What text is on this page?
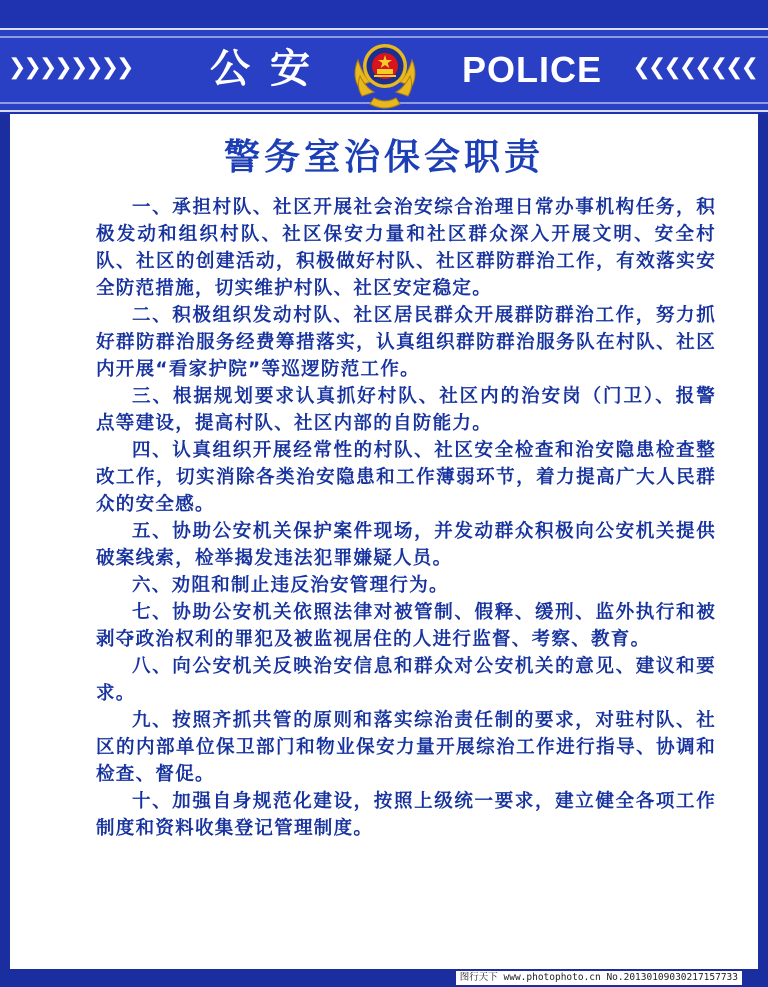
❯❯❯❯❯❯❯❯ 公安	POLICE ❮❮❮❮❮❮❮❮
警务室治保会职责

一、承担村队、社区开展社会治安综合治理日常办事机构任务，积极发动和组织村队、社区保安力量和社区群众深入开展文明、安全村队、社区的创建活动，积极做好村队、社区群防群治工作，有效落实安全防范措施，切实维护村队、社区安定稳定。

二、积极组织发动村队、社区居民群众开展群防群治工作，努力抓好群防群治服务经费筹措落实，认真组织群防群治服务队在村队、社区内开展“看家护院”等巡逻防范工作。

三、根据规划要求认真抓好村队、社区内的治安岗（门卫）、报警点等建设，提高村队、社区内部的自防能力。

四、认真组织开展经常性的村队、社区安全检查和治安隐患检查整改工作，切实消除各类治安隐患和工作薄弱环节，着力提高广大人民群众的安全感。

五、协助公安机关保护案件现场，并发动群众积极向公安机关提供破案线索，检举揭发违法犯罪嫌疑人员。

六、劝阻和制止违反治安管理行为。

七、协助公安机关依照法律对被管制、假释、缓刑、监外执行和被剥夺政治权利的罪犯及被监视居住的人进行监督、考察、教育。

八、向公安机关反映治安信息和群众对公安机关的意见、建议和要求。

九、按照齐抓共管的原则和落实综治责任制的要求，对驻村队、社区的内部单位保卫部门和物业保安力量开展综治工作进行指导、协调和检查、督促。

十、加强自身规范化建设，按照上级统一要求，建立健全各项工作制度和资料收集登记管理制度。

图行天下 www.photophoto.cn No.20130109030217157733
